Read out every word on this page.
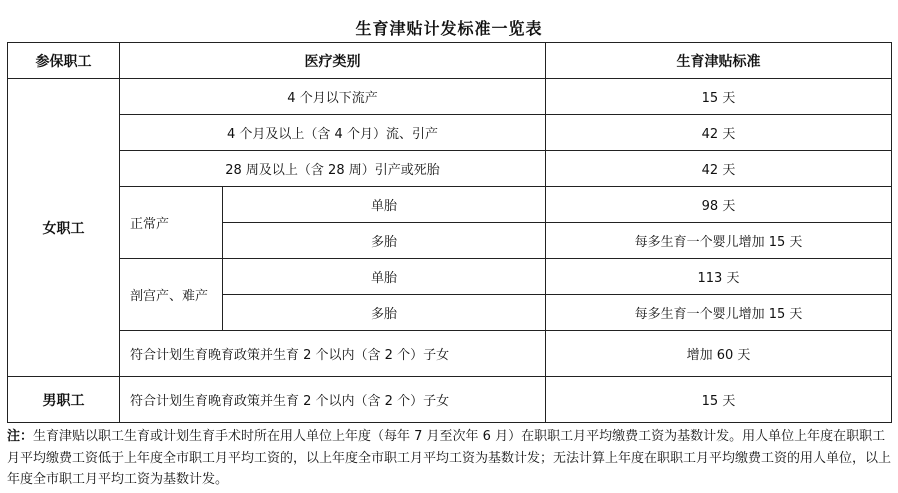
生育津贴计发标准一览表
参保职工	医疗类别		生育津贴标准
女职工	4 个月以下流产		15 天
	4 个月及以上（含 4 个月）流、引产		42 天
	28 周及以上（含 28 周）引产或死胎		42 天
	正常产	单胎	98 天
		多胎	每多生育一个婴儿增加 15 天
	剖宫产、难产	单胎	113 天
		多胎	每多生育一个婴儿增加 15 天
	符合计划生育晚育政策并生育 2 个以内（含 2 个）子女		增加 60 天
男职工	符合计划生育晚育政策并生育 2 个以内（含 2 个）子女		15 天
注：生育津贴以职工生育或计划生育手术时所在用人单位上年度（每年 7 月至次年 6 月）在职职工月平均缴费工资为基数计发。用人单位上年度在职职工月平均缴费工资低于上年度全市职工月平均工资的，以上年度全市职工月平均工资为基数计发；无法计算上年度在职职工月平均缴费工资的用人单位，以上年度全市职工月平均工资为基数计发。
